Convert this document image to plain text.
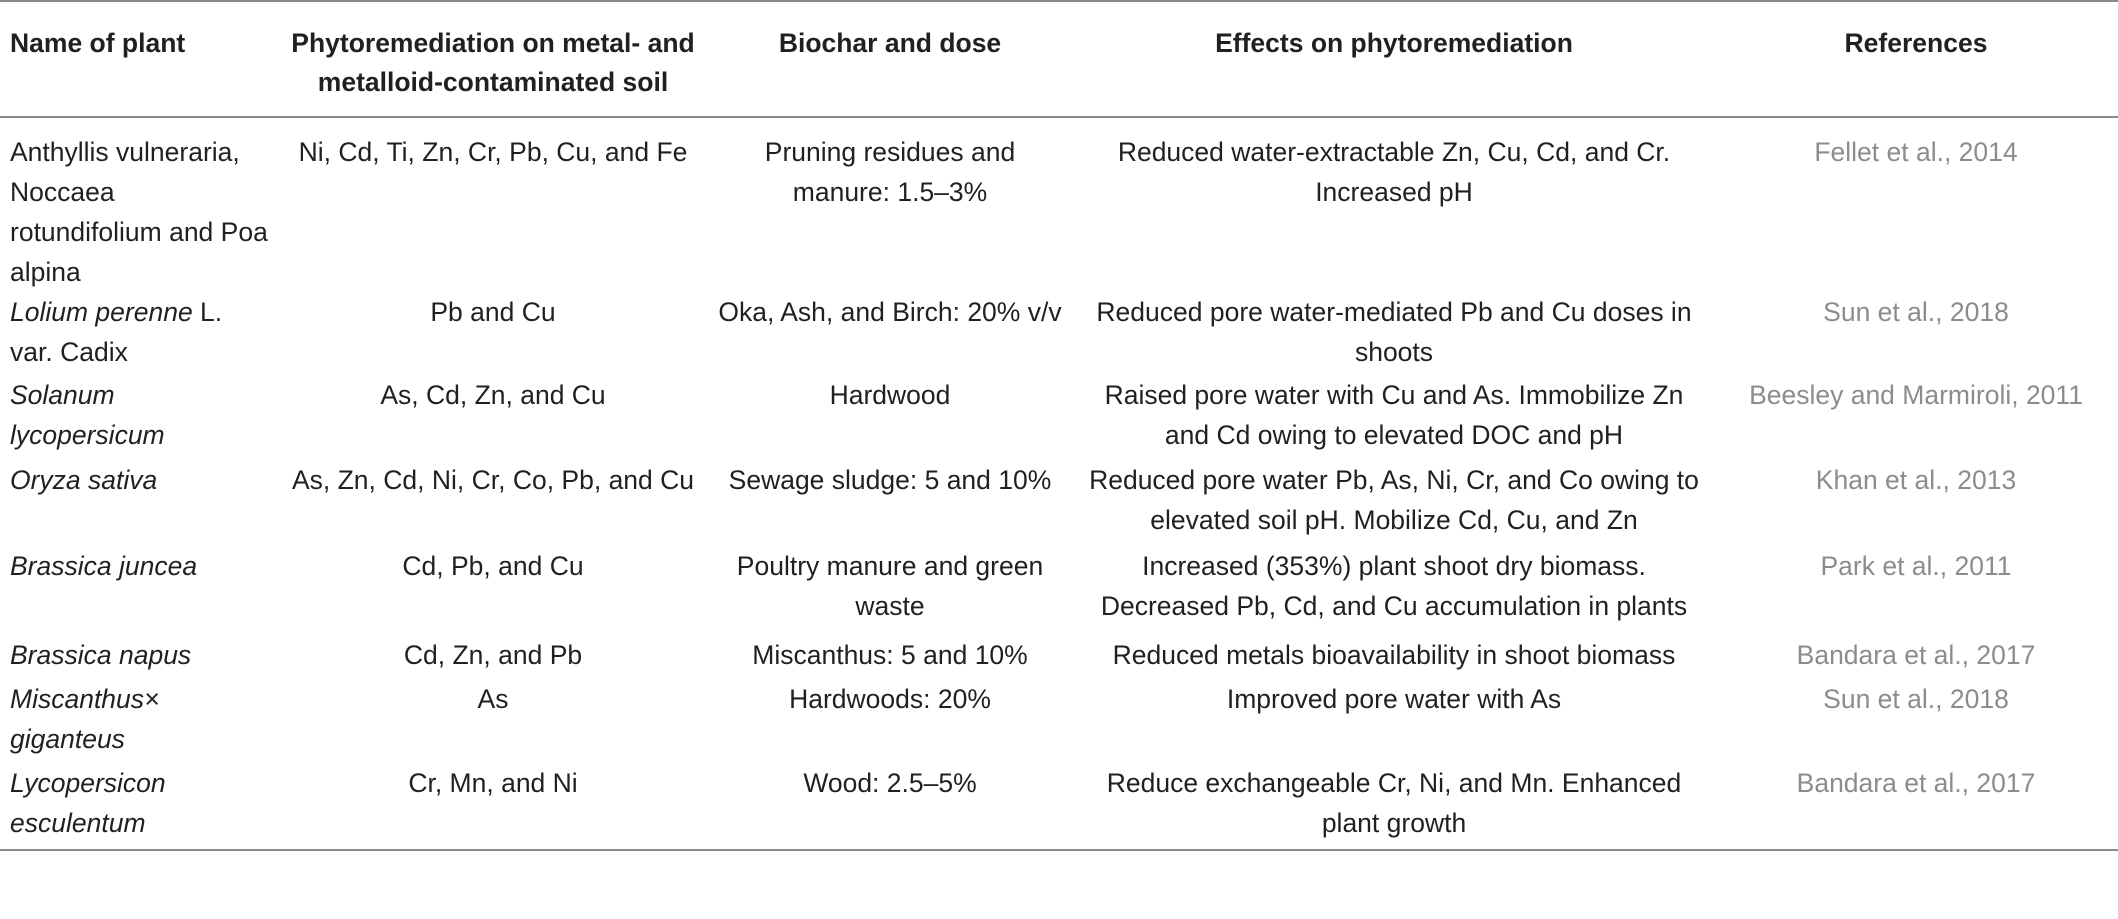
Name of plant	Phytoremediation on metal- and metalloid-contaminated soil	Biochar and dose	Effects on phytoremediation	References
Anthyllis vulneraria, Noccaea rotundifolium and Poa alpina	Ni, Cd, Ti, Zn, Cr, Pb, Cu, and Fe	Pruning residues and manure: 1.5–3%	Reduced water-extractable Zn, Cu, Cd, and Cr. Increased pH	Fellet et al., 2014
Lolium perenne L. var. Cadix	Pb and Cu	Oka, Ash, and Birch: 20% v/v	Reduced pore water-mediated Pb and Cu doses in shoots	Sun et al., 2018
Solanum lycopersicum	As, Cd, Zn, and Cu	Hardwood	Raised pore water with Cu and As. Immobilize Zn and Cd owing to elevated DOC and pH	Beesley and Marmiroli, 2011
Oryza sativa	As, Zn, Cd, Ni, Cr, Co, Pb, and Cu	Sewage sludge: 5 and 10%	Reduced pore water Pb, As, Ni, Cr, and Co owing to elevated soil pH. Mobilize Cd, Cu, and Zn	Khan et al., 2013
Brassica juncea	Cd, Pb, and Cu	Poultry manure and green waste	Increased (353%) plant shoot dry biomass. Decreased Pb, Cd, and Cu accumulation in plants	Park et al., 2011
Brassica napus	Cd, Zn, and Pb	Miscanthus: 5 and 10%	Reduced metals bioavailability in shoot biomass	Bandara et al., 2017
Miscanthus× giganteus	As	Hardwoods: 20%	Improved pore water with As	Sun et al., 2018
Lycopersicon esculentum	Cr, Mn, and Ni	Wood: 2.5–5%	Reduce exchangeable Cr, Ni, and Mn. Enhanced plant growth	Bandara et al., 2017
